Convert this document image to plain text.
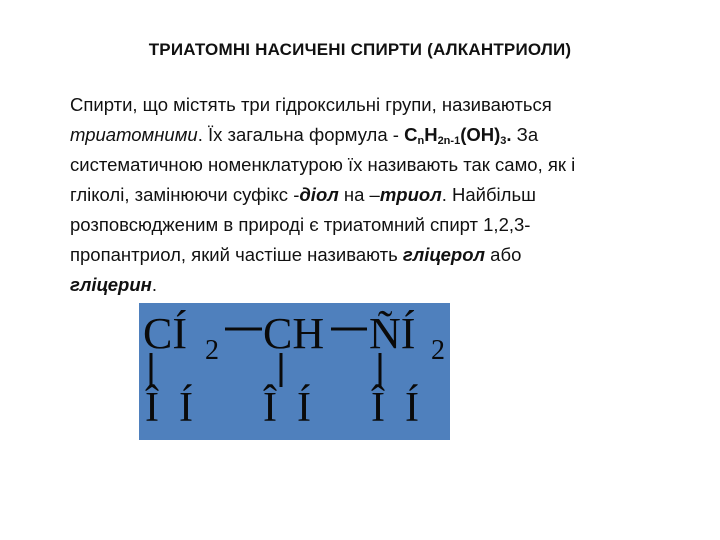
ТРИАТОМНІ НАСИЧЕНІ СПИРТИ (АЛКАНТРИОЛИ)
Спирти, що містять три гідроксильні групи, називаються
триатомними. Їх загальна формула - $C_nH_{2n-1}(OH)_3$. За
систематичною номенклатурою їх називають так само, як і
гліколі, замінюючи суфікс -діол на –триол. Найбільш
розповсюдженим в природі є триатомний спирт 1,2,3-
пропантриол, який частіше називають гліцерол або
гліцерин.
CÍ 2 CH ÑÍ 2
Î Í Î Í Î Í
